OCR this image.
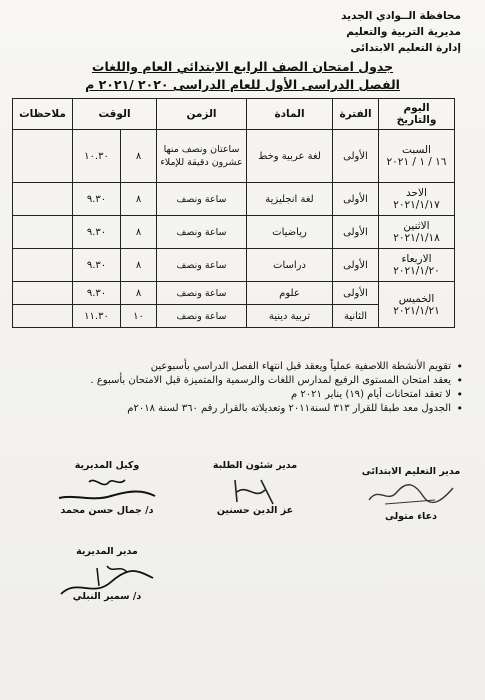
محافظة الــوادي الجديد
مديرية التربية والتعليم
إدارة التعليم الابتدائى
جدول امتحان الصف الرابع الابتدائي العام واللغات
الفصل الدراسى الأول للعام الدراسى ٢٠٢٠ /٢٠٢١ م
اليوم والتاريخ	الفترة	المادة	الزمن	الوقت		ملاحظات

السبت
١٦ / ١ / ٢٠٢١	الأولى	لغة عربية وخط	ساعتان ونصف منها عشرون دقيقة للإملاء	٨	١٠.٣٠	

الاحد
٢٠٢١/١/١٧	الأولى	لغة انجليزية	ساعة ونصف	٨	٩.٣٠	

الاثنين
٢٠٢١/١/١٨	الأولى	رياضيات	ساعة ونصف	٨	٩.٣٠	

الاربعاء
٢٠٢١/١/٢٠	الأولى	دراسات	ساعة ونصف	٨	٩.٣٠	

الخميس
٢٠٢١/١/٢١	الأولى	علوم	ساعة ونصف	٨	٩.٣٠	
	الثانية	تربية دينية	ساعة ونصف	١٠	١١.٣٠	
• تقويم الأنشطة اللاصفية عملياً ويعقد قبل انتهاء الفصل الدراسي بأسبوعين
• يعقد امتحان المستوى الرفيع لمدارس اللغات والرسمية والمتميزة قبل الامتحان بأسبوع .
• لا تعقد امتحانات أيام (١٩) يناير ٢٠٢١ م
• الجدول معد طبقا للقرار ٣١٣ لسنة٢٠١١ وتعديلاته بالقرار رقم ٣٦٠ لسنة ٢٠١٨م
مدير التعليم الابتدائى
دعاء متولى
مدير شئون الطلبة
عز الدين حسنين
وكيل المديرية
د/ جمال حسن محمد
مدير المديرية
د/ سمير النبلي
